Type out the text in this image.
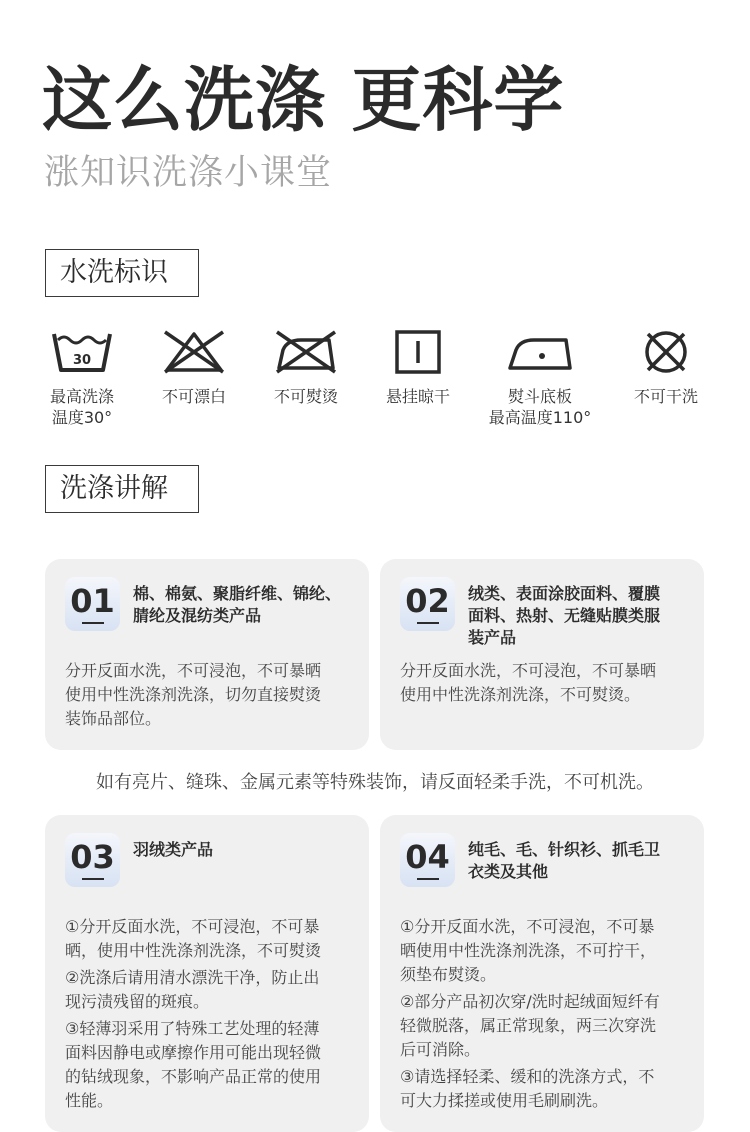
这么洗涤 更科学
涨知识洗涤小课堂
水洗标识
30
最高洗涤
温度30°
不可漂白	不可熨烫	悬挂晾干	熨斗底板
最高温度110°
不可干洗
洗涤讲解
01	棉、棉氨、聚脂纤维、锦纶、
腈纶及混纺类产品
分开反面水洗，不可浸泡，不可暴晒
使用中性洗涤剂洗涤，切勿直接熨烫
装饰品部位。
02	绒类、表面涂胶面料、覆膜
面料、热射、无缝贴膜类服
装产品
分开反面水洗，不可浸泡，不可暴晒
使用中性洗涤剂洗涤，不可熨烫。
如有亮片、缝珠、金属元素等特殊装饰，请反面轻柔手洗，不可机洗。
03	羽绒类产品
①分开反面水洗，不可浸泡，不可暴
晒，使用中性洗涤剂洗涤，不可熨烫
②洗涤后请用清水漂洗干净，防止出
现污渍残留的斑痕。
③轻薄羽采用了特殊工艺处理的轻薄
面料因静电或摩擦作用可能出现轻微
的钻绒现象，不影响产品正常的使用
性能。
04	纯毛、毛、针织衫、抓毛卫
衣类及其他
①分开反面水洗，不可浸泡，不可暴
晒使用中性洗涤剂洗涤，不可拧干，
须垫布熨烫。
②部分产品初次穿/洗时起绒面短纤有
轻微脱落，属正常现象，两三次穿洗
后可消除。
③请选择轻柔、缓和的洗涤方式，不
可大力揉搓或使用毛刷刷洗。
